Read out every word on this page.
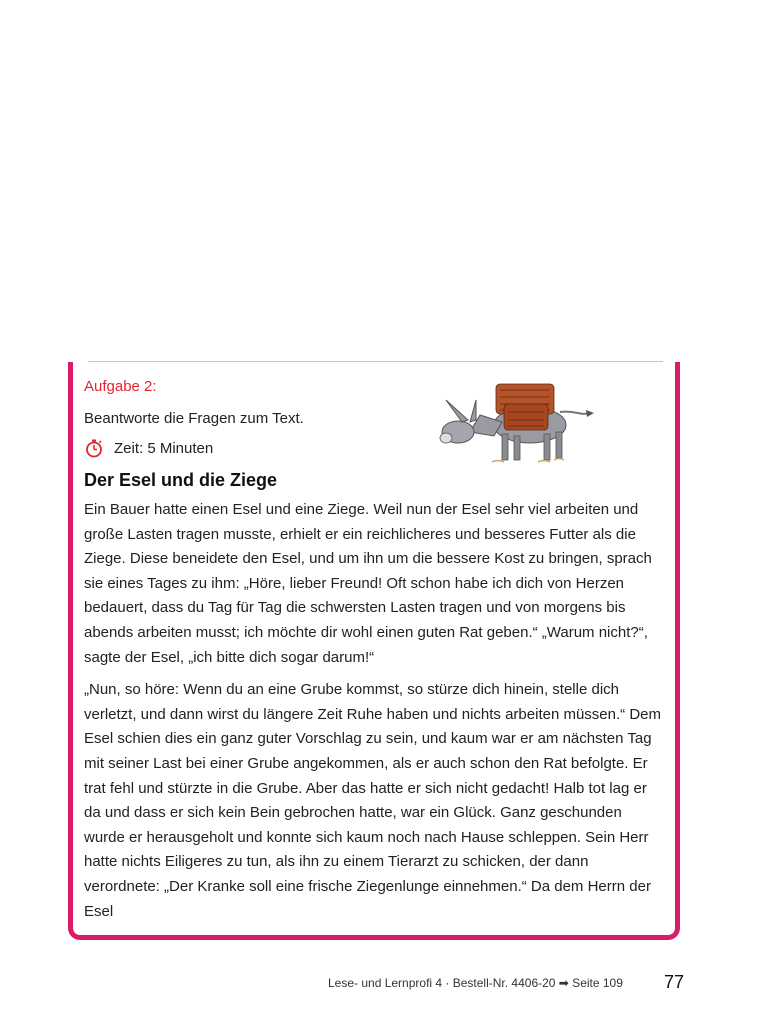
Aufgabe 2:
Beantworte die Fragen zum Text.
Zeit: 5 Minuten
Der Esel und die Ziege

Ein Bauer hatte einen Esel und eine Ziege. Weil nun der Esel sehr viel arbeiten und große Lasten tragen musste, erhielt er ein reichlicheres und besseres Futter als die Ziege. Diese beneidete den Esel, und um ihn um die bessere Kost zu bringen, sprach sie eines Tages zu ihm: „Höre, lieber Freund! Oft schon habe ich dich von Herzen bedauert, dass du Tag für Tag die schwersten Lasten tragen und von morgens bis abends arbeiten musst; ich möchte dir wohl einen guten Rat geben.“ „Warum nicht?“, sagte der Esel, „ich bitte dich sogar darum!“

„Nun, so höre: Wenn du an eine Grube kommst, so stürze dich hinein, stelle dich verletzt, und dann wirst du längere Zeit Ruhe haben und nichts arbeiten müssen.“ Dem Esel schien dies ein ganz guter Vorschlag zu sein, und kaum war er am nächsten Tag mit seiner Last bei einer Grube angekommen, als er auch schon den Rat befolgte. Er trat fehl und stürzte in die Grube. Aber das hatte er sich nicht gedacht! Halb tot lag er da und dass er sich kein Bein gebrochen hatte, war ein Glück. Ganz geschunden wurde er herausgeholt und konnte sich kaum noch nach Hause schleppen. Sein Herr hatte nichts Eiligeres zu tun, als ihn zu einem Tierarzt zu schicken, der dann verordnete: „Der Kranke soll eine frische Ziegenlunge einnehmen.“ Da dem Herrn der Esel

Lese- und Lernprofi 4 · Bestell-Nr. 4406-20 ➡ Seite 109 77
